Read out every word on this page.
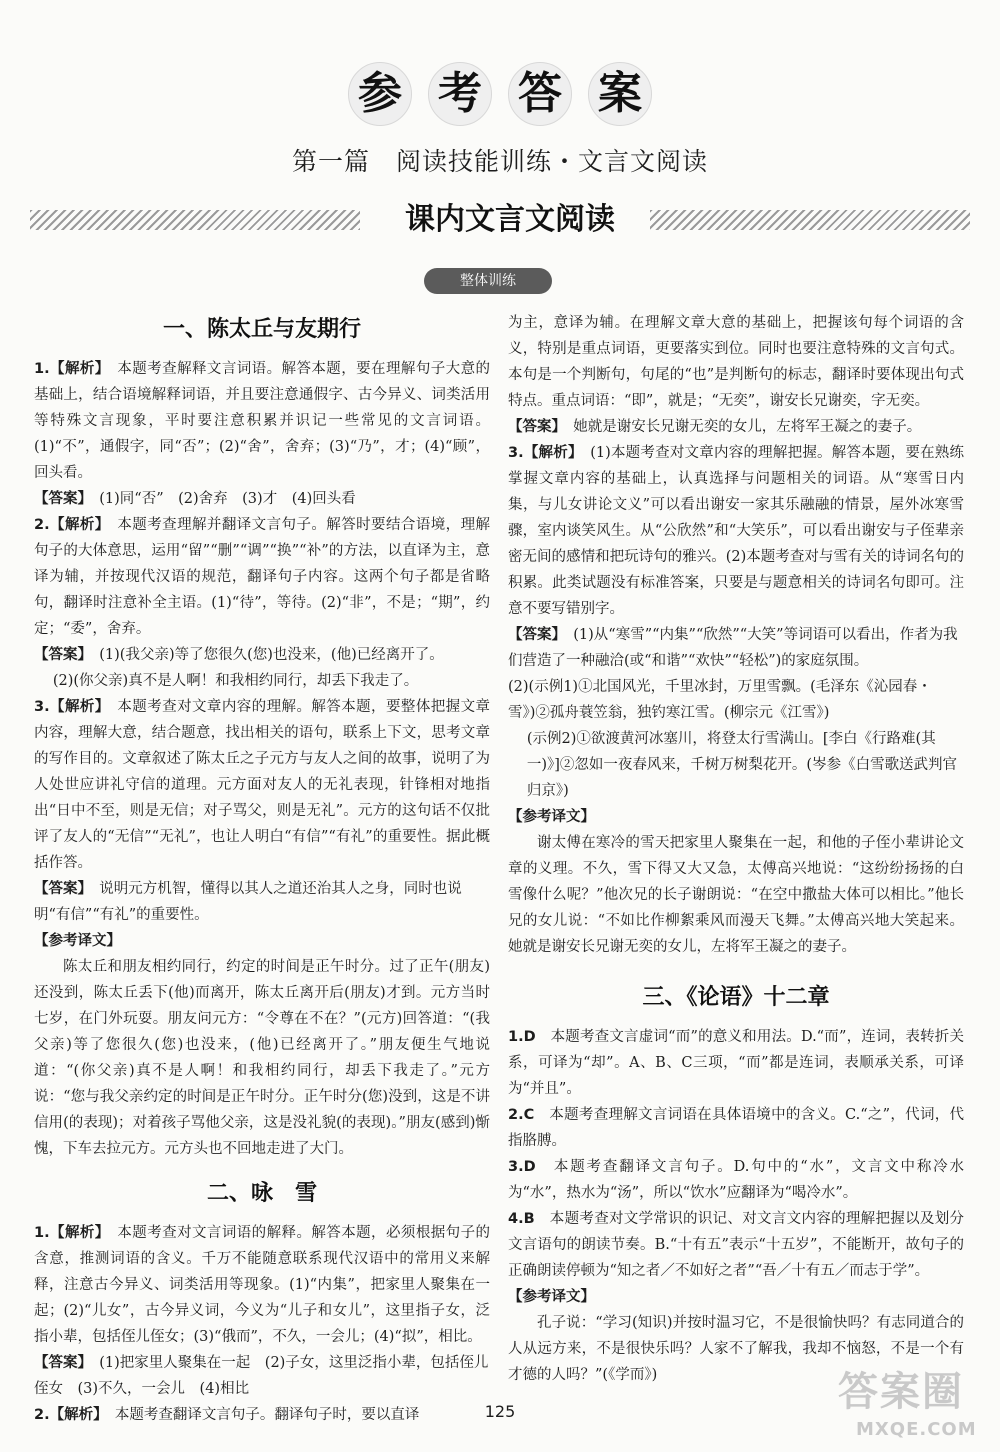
参 考 答 案
第一篇　阅读技能训练・文言文阅读
课内文言文阅读
整体训练
一、陈太丘与友期行
1.【解析】　 本题考查解释文言词语。解答本题，要在理解句子大意的基础上，结合语境解释词语，并且要注意通假字、古今异义、词类活用等特殊文言现象，平时要注意积累并识记一些常见的文言词语。(1)“不”，通假字，同“否”；(2)“舍”，舍弃；(3)“乃”，才；(4)“顾”，回头看。
【答案】　 (1)同“否”　(2)舍弃　(3)才　(4)回头看
2.【解析】　 本题考查理解并翻译文言句子。解答时要结合语境，理解句子的大体意思，运用“留”“删”“调”“换”“补”的方法，以直译为主，意译为辅，并按现代汉语的规范，翻译句子内容。这两个句子都是省略句，翻译时注意补全主语。(1)“待”，等待。(2)“非”，不是；“期”，约定；“委”，舍弃。
【答案】　 (1)(我父亲)等了您很久(您)也没来，(他)已经离开了。
(2)(你父亲)真不是人啊！和我相约同行，却丢下我走了。
3.【解析】　 本题考查对文章内容的理解。解答本题，要整体把握文章内容，理解大意，结合题意，找出相关的语句，联系上下文，思考文章的写作目的。文章叙述了陈太丘之子元方与友人之间的故事，说明了为人处世应讲礼守信的道理。元方面对友人的无礼表现，针锋相对地指出“日中不至，则是无信；对子骂父，则是无礼”。元方的这句话不仅批评了友人的“无信”“无礼”，也让人明白“有信”“有礼”的重要性。据此概括作答。
【答案】　 说明元方机智，懂得以其人之道还治其人之身，同时也说明“有信”“有礼”的重要性。
【参考译文】
陈太丘和朋友相约同行，约定的时间是正午时分。过了正午(朋友)还没到，陈太丘丢下(他)而离开，陈太丘离开后(朋友)才到。元方当时七岁，在门外玩耍。朋友问元方：“令尊在不在？”(元方)回答道：“(我父亲)等了您很久(您)也没来，(他)已经离开了。”朋友便生气地说道：“(你父亲)真不是人啊！和我相约同行，却丢下我走了。”元方说：“您与我父亲约定的时间是正午时分。正午时分(您)没到，这是不讲信用(的表现)；对着孩子骂他父亲，这是没礼貌(的表现)。”朋友(感到)惭愧，下车去拉元方。元方头也不回地走进了大门。
二、咏　雪
1.【解析】　 本题考查对文言词语的解释。解答本题，必须根据句子的含意，推测词语的含义。千万不能随意联系现代汉语中的常用义来解释，注意古今异义、词类活用等现象。(1)“内集”，把家里人聚集在一起；(2)“儿女”，古今异义词，今义为“儿子和女儿”，这里指子女，泛指小辈，包括侄儿侄女；(3)“俄而”，不久，一会儿；(4)“拟”，相比。
【答案】　 (1)把家里人聚集在一起　(2)子女，这里泛指小辈，包括侄儿侄女　(3)不久，一会儿　(4)相比
2.【解析】　 本题考查翻译文言句子。翻译句子时，要以直译
为主，意译为辅。在理解文章大意的基础上，把握该句每个词语的含义，特别是重点词语，更要落实到位。同时也要注意特殊的文言句式。本句是一个判断句，句尾的“也”是判断句的标志，翻译时要体现出句式特点。重点词语：“即”，就是；“无奕”，谢安长兄谢奕，字无奕。
【答案】　 她就是谢安长兄谢无奕的女儿，左将军王凝之的妻子。
3.【解析】　 (1)本题考查对文章内容的理解把握。解答本题，要在熟练掌握文章内容的基础上，认真选择与问题相关的词语。从“寒雪日内集，与儿女讲论文义”可以看出谢安一家其乐融融的情景，屋外冰寒雪骤，室内谈笑风生。从“公欣然”和“大笑乐”，可以看出谢安与子侄辈亲密无间的感情和把玩诗句的雅兴。(2)本题考查对与雪有关的诗词名句的积累。此类试题没有标准答案，只要是与题意相关的诗词名句即可。注意不要写错别字。
【答案】　 (1)从“寒雪”“内集”“欣然”“大笑”等词语可以看出，作者为我们营造了一种融洽(或“和谐”“欢快”“轻松”)的家庭氛围。
(2)(示例1)①北国风光，千里冰封，万里雪飘。(毛泽东《沁园春・雪》)②孤舟蓑笠翁，独钓寒江雪。(柳宗元《江雪》)
(示例2)①欲渡黄河冰塞川，将登太行雪满山。[李白《行路难(其一)》]②忽如一夜春风来，千树万树梨花开。(岑参《白雪歌送武判官归京》)
【参考译文】
谢太傅在寒冷的雪天把家里人聚集在一起，和他的子侄小辈讲论文章的义理。不久，雪下得又大又急，太傅高兴地说：“这纷纷扬扬的白雪像什么呢？”他次兄的长子谢朗说：“在空中撒盐大体可以相比。”他长兄的女儿说：“不如比作柳絮乘风而漫天飞舞。”太傅高兴地大笑起来。她就是谢安长兄谢无奕的女儿，左将军王凝之的妻子。
三、《论语》十二章
1.D　 本题考查文言虚词“而”的意义和用法。D.“而”，连词，表转折关系，可译为“却”。A、B、C三项，“而”都是连词，表顺承关系，可译为“并且”。
2.C　 本题考查理解文言词语在具体语境中的含义。C.“之”，代词，代指胳膊。
3.D　 本题考查翻译文言句子。D.句中的“水”，文言文中称冷水为“水”，热水为“汤”，所以“饮水”应翻译为“喝冷水”。
4.B　 本题考查对文学常识的识记、对文言文内容的理解把握以及划分文言语句的朗读节奏。B.“十有五”表示“十五岁”，不能断开，故句子的正确朗读停顿为“知之者／不如好之者”“吾／十有五／而志于学”。
【参考译文】
孔子说：“学习(知识)并按时温习它，不是很愉快吗？有志同道合的人从远方来，不是很快乐吗？人家不了解我，我却不恼怒，不是一个有才德的人吗？”(《学而》)
125	答案圈
MXQE.COM
